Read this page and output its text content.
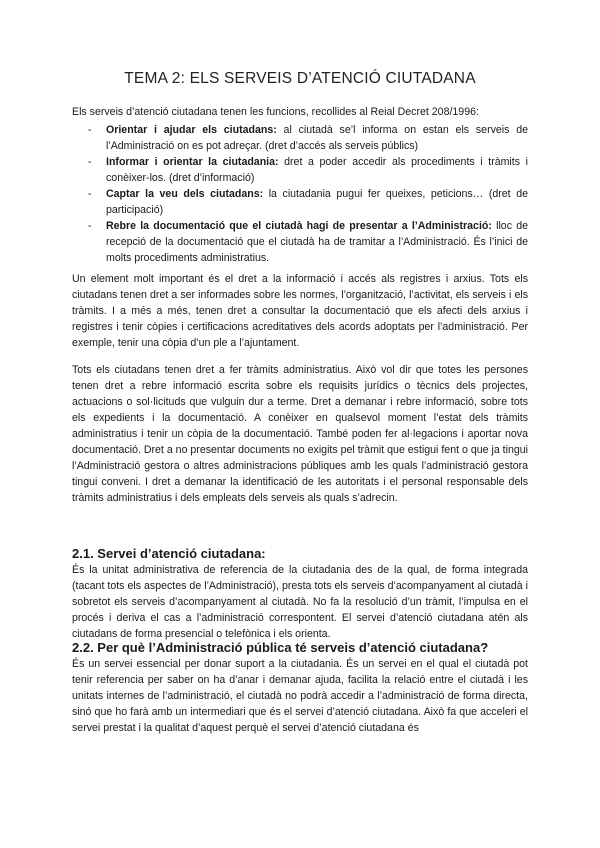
TEMA 2: ELS SERVEIS D’ATENCIÓ CIUTADANA

Els serveis d’atenció ciutadana tenen les funcions, recollides al Reial Decret 208/1996:

- Orientar i ajudar els ciutadans: al ciutadà se’l informa on estan els serveis de l’Administració on es pot adreçar. (dret d’accés als serveis públics)
- Informar i orientar la ciutadania: dret a poder accedir als procediments i tràmits i conèixer-los. (dret d’informació)
- Captar la veu dels ciutadans: la ciutadania pugui fer queixes, peticions… (dret de participació)
- Rebre la documentació que el ciutadà hagi de presentar a l’Administració: lloc de recepció de la documentació que el ciutadà ha de tramitar a l’Administració. És l’inici de molts procediments administratius.

Un element molt important és el dret a la informació i accés als registres i arxius. Tots els ciutadans tenen dret a ser informades sobre les normes, l’organització, l’activitat, els serveis i els tràmits. I a més a més, tenen dret a consultar la documentació que els afecti dels arxius i registres i tenir còpies i certificacions acreditatives dels acords adoptats per l’administració. Per exemple, tenir una còpia d’un ple a l’ajuntament.

Tots els ciutadans tenen dret a fer tràmits administratius. Això vol dir que totes les persones tenen dret a rebre informació escrita sobre els requisits jurídics o tècnics dels projectes, actuacions o sol·licituds que vulguin dur a terme. Dret a demanar i rebre informació, sobre tots els expedients i la documentació. A conèixer en qualsevol moment l’estat dels tràmits administratius i tenir un còpia de la documentació. També poden fer al·legacions i aportar nova documentació. Dret a no presentar documents no exigits pel tràmit que estigui fent o que ja tingui l’Administració gestora o altres administracions públiques amb les quals l’administració gestora tingui conveni. I dret a demanar la identificació de les autoritats i el personal responsable dels tràmits administratius i dels empleats dels serveis als quals s’adrecin.

2.1. Servei d’atenció ciutadana:

És la unitat administrativa de referencia de la ciutadania des de la qual, de forma integrada (tacant tots els aspectes de l’Administració), presta tots els serveis d’acompanyament al ciutadà i sobretot els serveis d’acompanyament al ciutadà. No fa la resolució d’un tràmit, l’impulsa en el procés i deriva el cas a l’administració correspontent. El servei d’atenció ciutadana atén als ciutadans de forma presencial o telefònica i els orienta.

2.2. Per què l’Administració pública té serveis d’atenció ciutadana?

És un servei essencial per donar suport a la ciutadania. És un servei en el qual el ciutadà pot tenir referencia per saber on ha d’anar i demanar ajuda, facilita la relació entre el ciutadà i les unitats internes de l’administració, el ciutadà no podrà accedir a l’administració de forma directa, sinó que ho farà amb un intermediari que és el servei d’atenció ciutadana. Això fa que acceleri el servei prestat i la qualitat d’aquest perquè el servei d’atenció ciutadana és
